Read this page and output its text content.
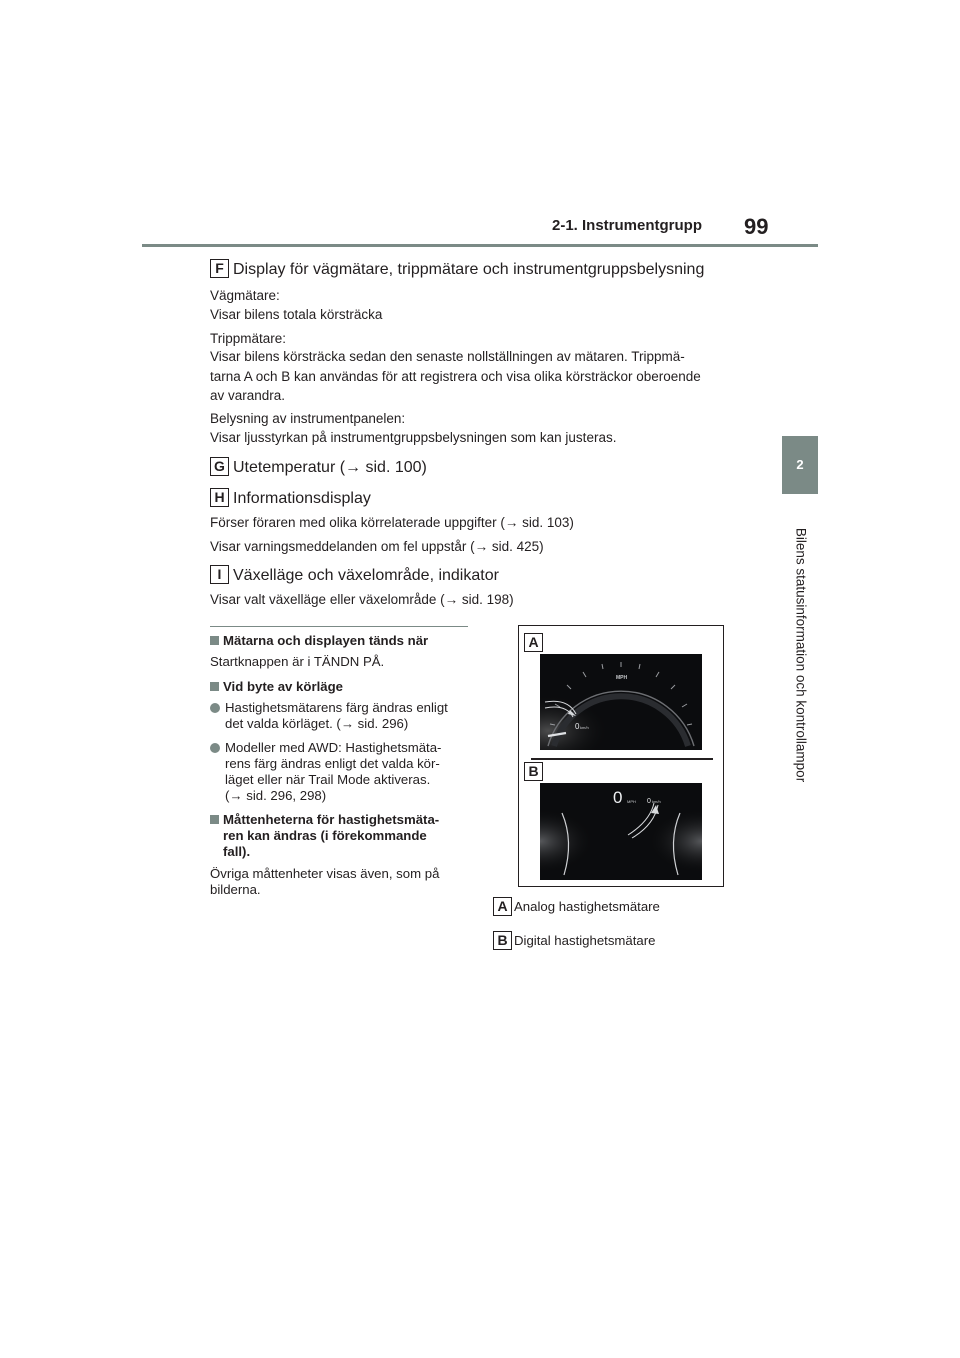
2-1. Instrumentgrupp 99
2
Bilens statusinformation och kontrollampor
F Display för vägmätare, trippmätare och instrumentgruppsbelysning
Vägmätare:
Visar bilens totala körsträcka
Trippmätare:
Visar bilens körsträcka sedan den senaste nollställningen av mätaren. Trippmä-
tarna A och B kan användas för att registrera och visa olika körsträckor oberoende
av varandra.
Belysning av instrumentpanelen:
Visar ljusstyrkan på instrumentgruppsbelysningen som kan justeras.
G Utetemperatur (→ sid. 100)
H Informationsdisplay
Förser föraren med olika körrelaterade uppgifter (→ sid. 103)
Visar varningsmeddelanden om fel uppstår (→ sid. 425)
I Växelläge och växelområde, indikator
Visar valt växelläge eller växelområde (→ sid. 198)
Mätarna och displayen tänds när
Startknappen är i TÄNDN PÅ.
Vid byte av körläge
Hastighetsmätarens färg ändras enligt
det valda körläget. (→ sid. 296)
Modeller med AWD: Hastighetsmäta-
rens färg ändras enligt det valda kör-
läget eller när Trail Mode aktiveras.
(→ sid. 296, 298)
Måttenheterna för hastighetsmäta-
ren kan ändras (i förekommande
fall).
Övriga måttenheter visas även, som på
bilderna.
A
MPH
0 km/h
B
0 MPH 0 km/h
A Analog hastighetsmätare
B Digital hastighetsmätare
